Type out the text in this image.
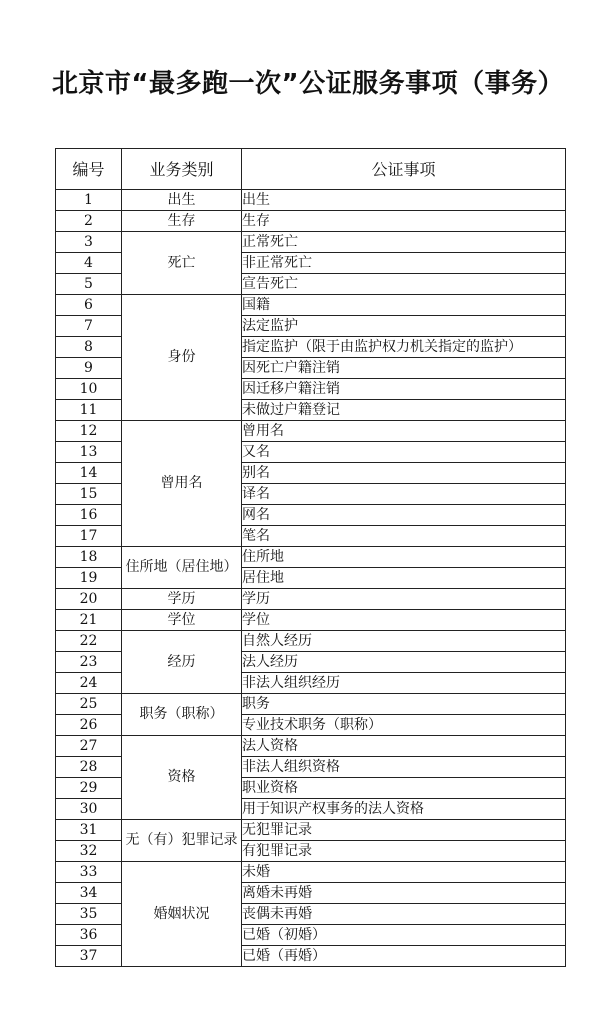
北京市“最多跑一次”公证服务事项（事务）
编号	业务类别	公证事项
1	出生	出生
2	生存	生存
3	死亡	正常死亡
4		非正常死亡
5		宣告死亡
6	身份	国籍
7		法定监护
8		指定监护（限于由监护权力机关指定的监护）
9		因死亡户籍注销
10		因迁移户籍注销
11		未做过户籍登记
12	曾用名	曾用名
13		又名
14		别名
15		译名
16		网名
17		笔名
18	住所地（居住地）	住所地
19		居住地
20	学历	学历
21	学位	学位
22	经历	自然人经历
23		法人经历
24		非法人组织经历
25	职务（职称）	职务
26		专业技术职务（职称）
27	资格	法人资格
28		非法人组织资格
29		职业资格
30		用于知识产权事务的法人资格
31	无（有）犯罪记录	无犯罪记录
32		有犯罪记录
33	婚姻状况	未婚
34		离婚未再婚
35		丧偶未再婚
36		已婚（初婚）
37		已婚（再婚）
